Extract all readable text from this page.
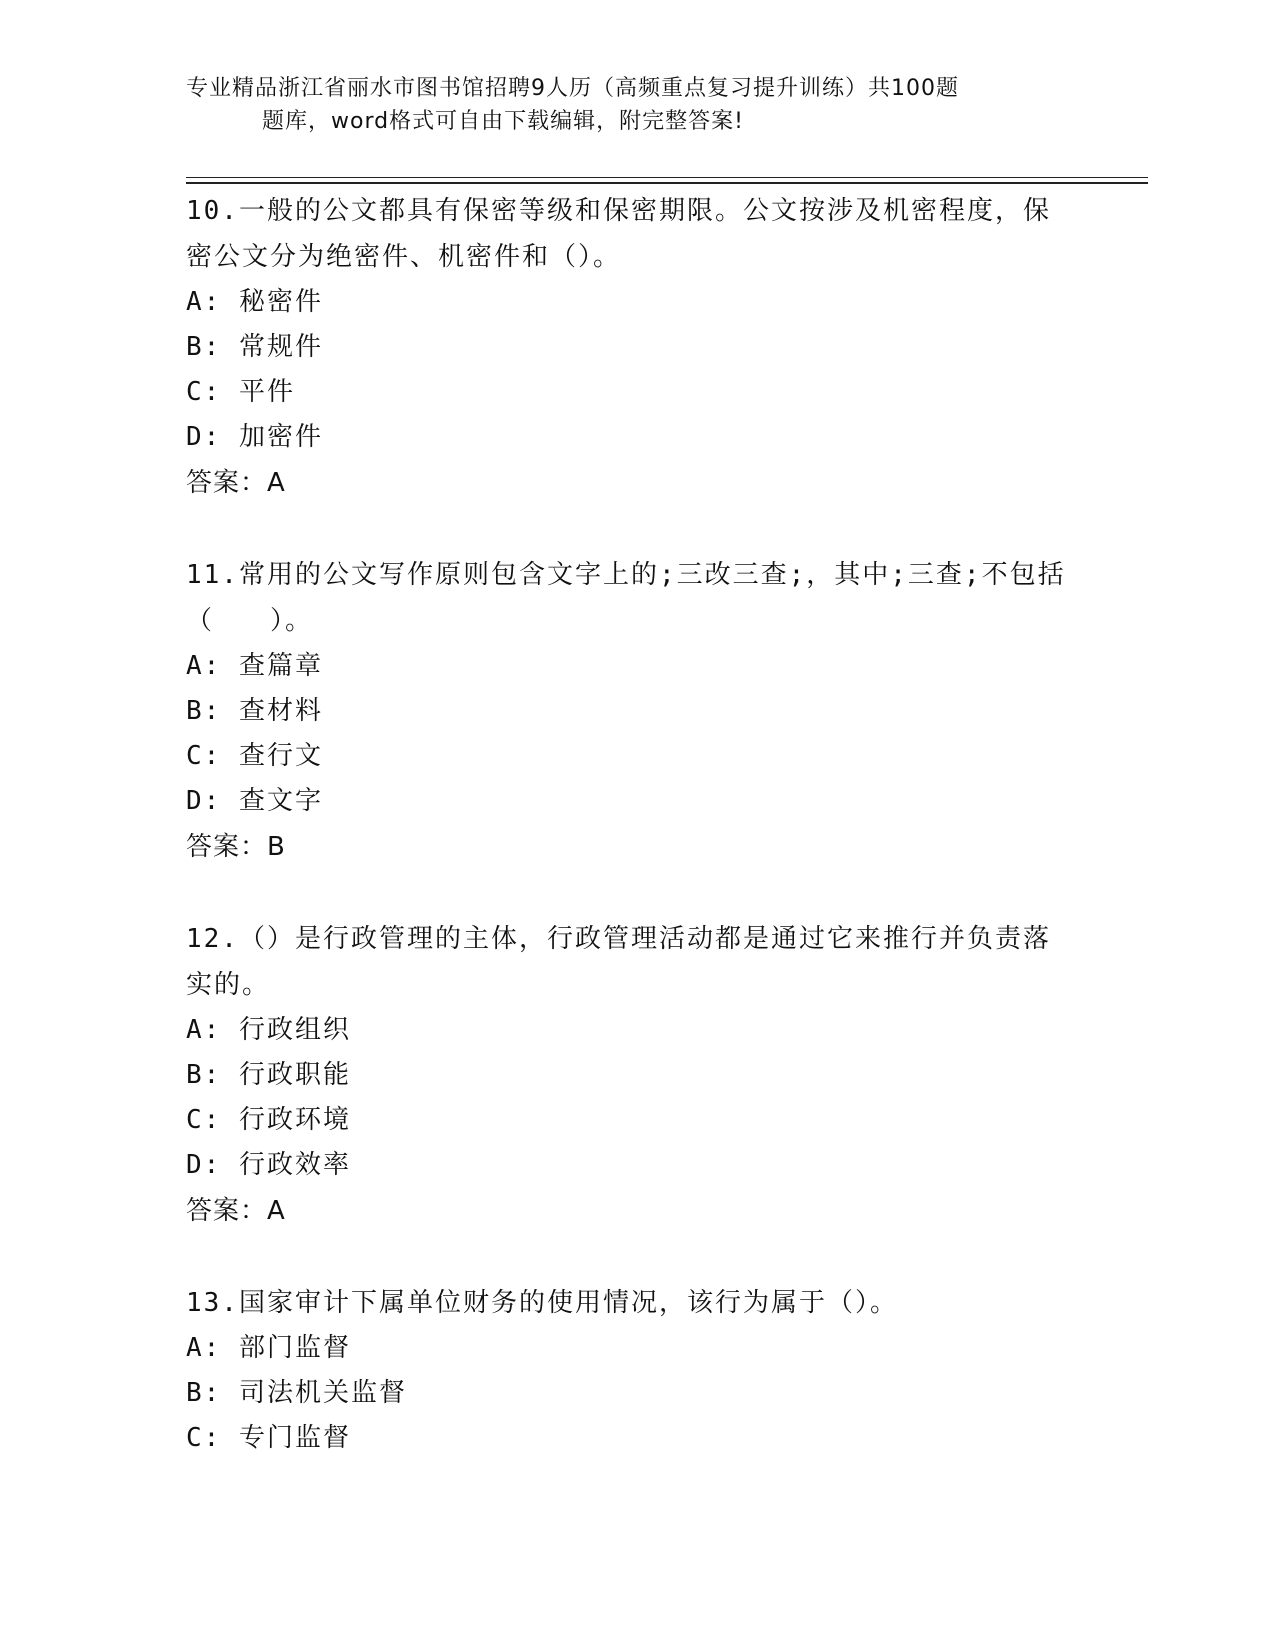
专业精品浙江省丽水市图书馆招聘9人历（高频重点复习提升训练）共100题
题库，word格式可自由下载编辑，附完整答案!
10.一般的公文都具有保密等级和保密期限。公文按涉及机密程度，保
密公文分为绝密件、机密件和（）。
A: 秘密件
B: 常规件
C: 平件
D: 加密件
答案：A
11.常用的公文写作原则包含文字上的;三改三查;，其中;三查;不包括
（　　）。
A: 查篇章
B: 查材料
C: 查行文
D: 查文字
答案：B
12.（）是行政管理的主体，行政管理活动都是通过它来推行并负责落
实的。
A: 行政组织
B: 行政职能
C: 行政环境
D: 行政效率
答案：A
13.国家审计下属单位财务的使用情况，该行为属于（）。
A: 部门监督
B: 司法机关监督
C: 专门监督
